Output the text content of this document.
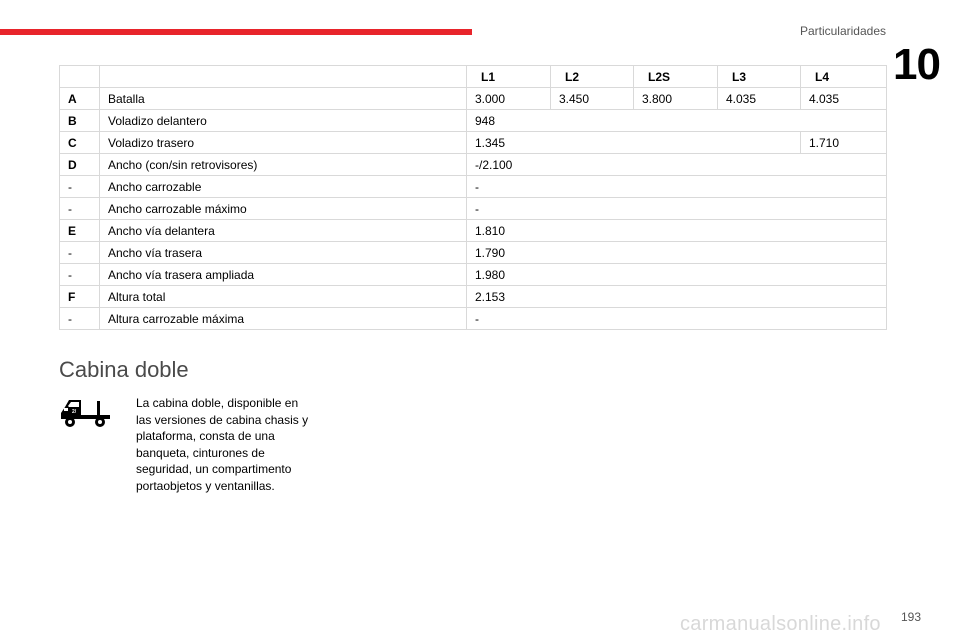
Particularidades
10
		L1	L2	L2S	L3	L4
A	Batalla	3.000	3.450	3.800	4.035	4.035
B	Voladizo delantero	948				
C	Voladizo trasero	1.345				1.710
D	Ancho (con/sin retrovisores)	-/2.100				
-	Ancho carrozable	-				
-	Ancho carrozable máximo	-				
E	Ancho vía delantera	1.810				
-	Ancho vía trasera	1.790				
-	Ancho vía trasera ampliada	1.980				
F	Altura total	2.153				
-	Altura carrozable máxima	-				
Cabina doble
2/
La cabina doble, disponible en las versiones de cabina chasis y plataforma, consta de una banqueta, cinturones de seguridad, un compartimento portaobjetos y ventanillas.
193
carmanualsonline.info
